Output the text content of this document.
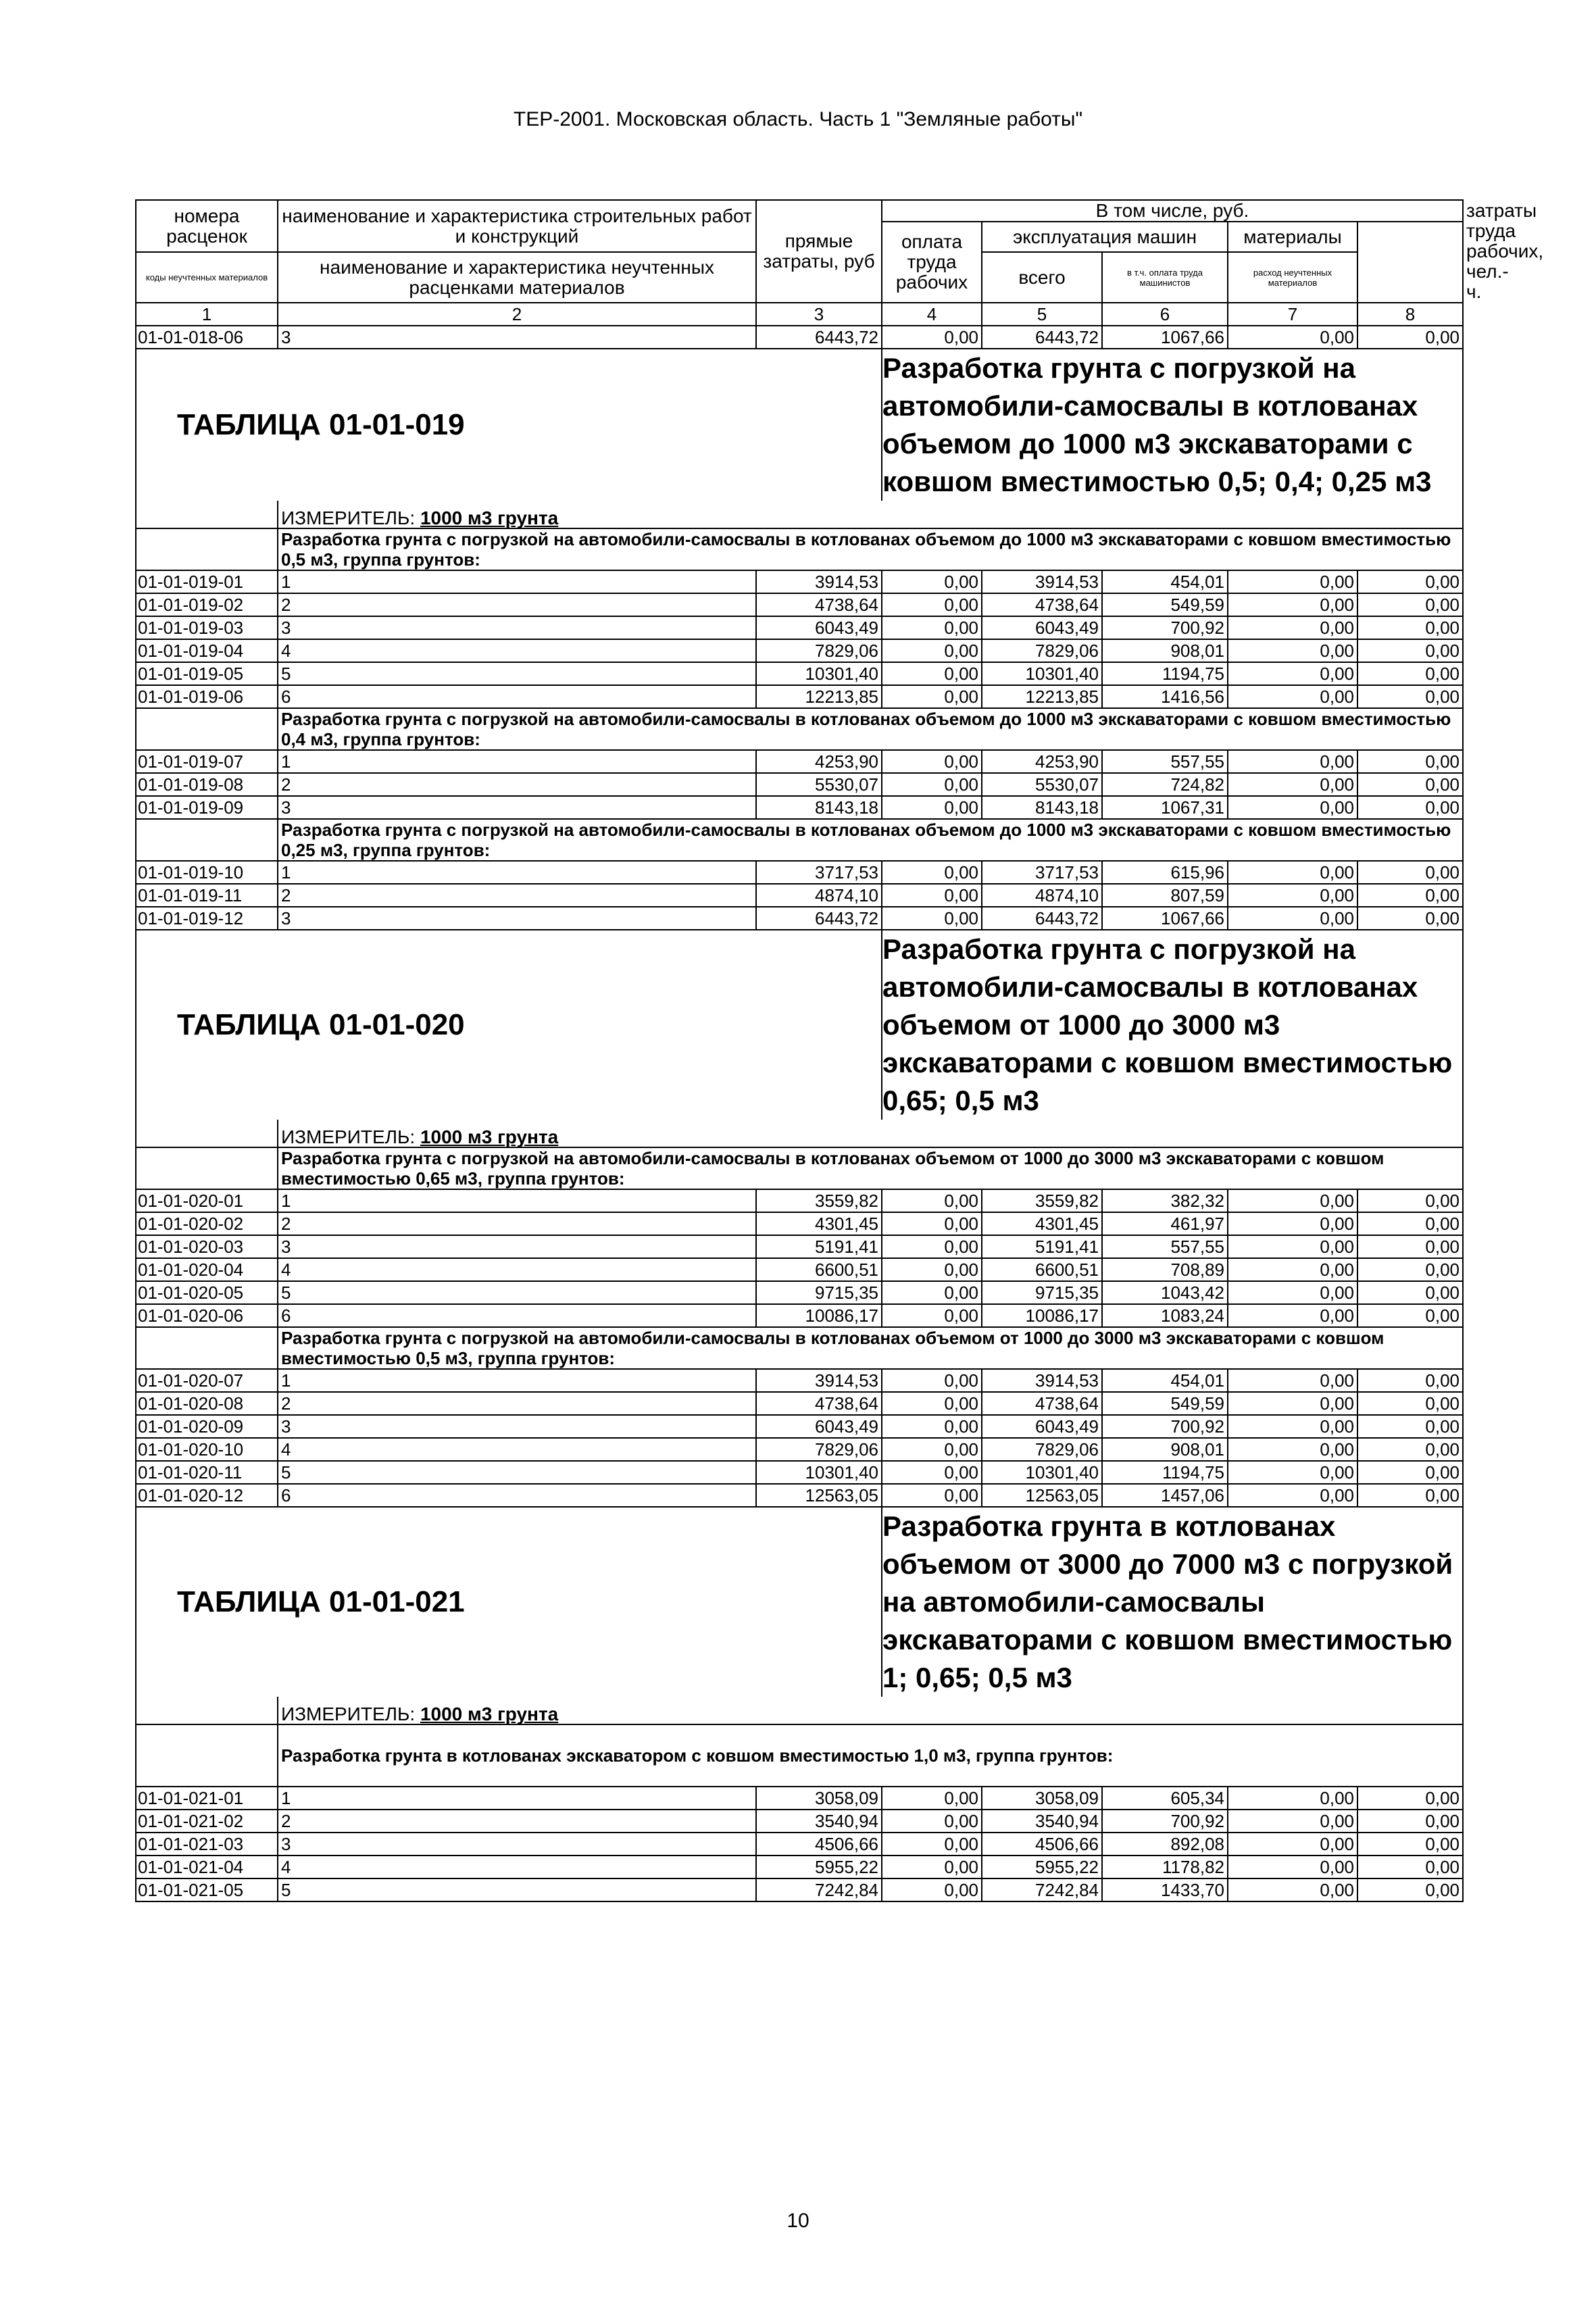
ТЕР-2001. Московская область. Часть 1 "Земляные работы"
номера расценок	наименование и характеристика строительных работ и конструкций	прямые затраты, руб	В том числе, руб.					затраты труда рабочих, чел.-ч.
			оплата труда рабочих	эксплуатация машин		материалы		
коды неучтенных материалов	наименование и характеристика неучтенных расценками материалов			всего	в т.ч. оплата труда машинистов	расход неучтенных материалов		

1	2	3	4	5	6	7	8	
01-01-018-06	3	6443,72	0,00	6443,72	1067,66	0,00	0,00	
ТАБЛИЦА 01-01-019			Разработка грунта с погрузкой на автомобили-самосвалы в котлованах объемом до 1000 м3 экскаваторами с ковшом вместимостью 0,5; 0,4; 0,25 м3					
	ИЗМЕРИТЕЛЬ: 1000 м3 грунта							
	Разработка грунта с погрузкой на автомобили-самосвалы в котлованах объемом до 1000 м3 экскаваторами с ковшом вместимостью 0,5 м3, группа грунтов:							
01-01-019-01	1	3914,53	0,00	3914,53	454,01	0,00	0,00	
01-01-019-02	2	4738,64	0,00	4738,64	549,59	0,00	0,00	
01-01-019-03	3	6043,49	0,00	6043,49	700,92	0,00	0,00	
01-01-019-04	4	7829,06	0,00	7829,06	908,01	0,00	0,00	
01-01-019-05	5	10301,40	0,00	10301,40	1194,75	0,00	0,00	
01-01-019-06	6	12213,85	0,00	12213,85	1416,56	0,00	0,00	
	Разработка грунта с погрузкой на автомобили-самосвалы в котлованах объемом до 1000 м3 экскаваторами с ковшом вместимостью 0,4 м3, группа грунтов:							
01-01-019-07	1	4253,90	0,00	4253,90	557,55	0,00	0,00	
01-01-019-08	2	5530,07	0,00	5530,07	724,82	0,00	0,00	
01-01-019-09	3	8143,18	0,00	8143,18	1067,31	0,00	0,00	
	Разработка грунта с погрузкой на автомобили-самосвалы в котлованах объемом до 1000 м3 экскаваторами с ковшом вместимостью 0,25 м3, группа грунтов:							
01-01-019-10	1	3717,53	0,00	3717,53	615,96	0,00	0,00	
01-01-019-11	2	4874,10	0,00	4874,10	807,59	0,00	0,00	
01-01-019-12	3	6443,72	0,00	6443,72	1067,66	0,00	0,00	
ТАБЛИЦА 01-01-020			Разработка грунта с погрузкой на автомобили-самосвалы в котлованах объемом от 1000 до 3000 м3 экскаваторами с ковшом вместимостью 0,65; 0,5 м3					
	ИЗМЕРИТЕЛЬ: 1000 м3 грунта							
	Разработка грунта с погрузкой на автомобили-самосвалы в котлованах объемом от 1000 до 3000 м3 экскаваторами с ковшом вместимостью 0,65 м3, группа грунтов:							
01-01-020-01	1	3559,82	0,00	3559,82	382,32	0,00	0,00	
01-01-020-02	2	4301,45	0,00	4301,45	461,97	0,00	0,00	
01-01-020-03	3	5191,41	0,00	5191,41	557,55	0,00	0,00	
01-01-020-04	4	6600,51	0,00	6600,51	708,89	0,00	0,00	
01-01-020-05	5	9715,35	0,00	9715,35	1043,42	0,00	0,00	
01-01-020-06	6	10086,17	0,00	10086,17	1083,24	0,00	0,00	
	Разработка грунта с погрузкой на автомобили-самосвалы в котлованах объемом от 1000 до 3000 м3 экскаваторами с ковшом вместимостью 0,5 м3, группа грунтов:							
01-01-020-07	1	3914,53	0,00	3914,53	454,01	0,00	0,00	
01-01-020-08	2	4738,64	0,00	4738,64	549,59	0,00	0,00	
01-01-020-09	3	6043,49	0,00	6043,49	700,92	0,00	0,00	
01-01-020-10	4	7829,06	0,00	7829,06	908,01	0,00	0,00	
01-01-020-11	5	10301,40	0,00	10301,40	1194,75	0,00	0,00	
01-01-020-12	6	12563,05	0,00	12563,05	1457,06	0,00	0,00	
ТАБЛИЦА 01-01-021			Разработка грунта в котлованах объемом от 3000 до 7000 м3 с погрузкой на автомобили-самосвалы экскаваторами с ковшом вместимостью 1; 0,65; 0,5 м3					
	ИЗМЕРИТЕЛЬ: 1000 м3 грунта							
	Разработка грунта в котлованах экскаватором с ковшом вместимостью 1,0 м3, группа грунтов:							
01-01-021-01	1	3058,09	0,00	3058,09	605,34	0,00	0,00	
01-01-021-02	2	3540,94	0,00	3540,94	700,92	0,00	0,00	
01-01-021-03	3	4506,66	0,00	4506,66	892,08	0,00	0,00	
01-01-021-04	4	5955,22	0,00	5955,22	1178,82	0,00	0,00	
01-01-021-05	5	7242,84	0,00	7242,84	1433,70	0,00	0,00	
10
